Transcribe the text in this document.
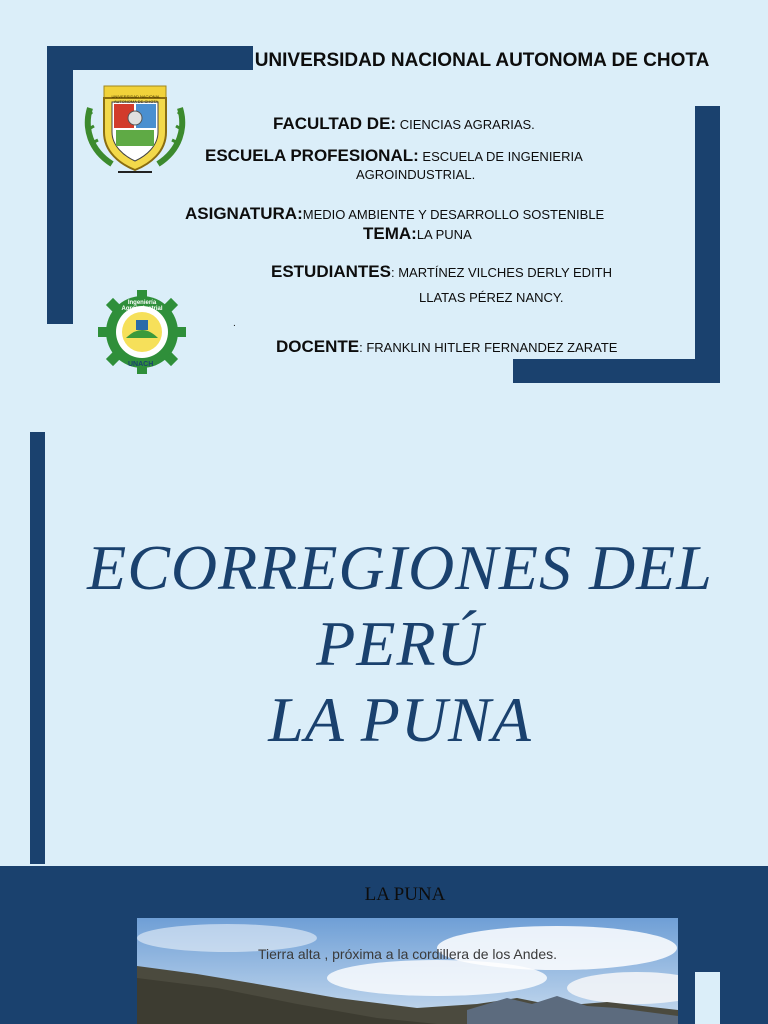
UNIVERSIDAD NACIONAL AUTONOMA DE CHOTA
Ingeniería Agroindustrial
UNACH
UNIVERSIDAD NACIONAL AUTONOMA DE CHOTA
FACULTAD DE: CIENCIAS AGRARIAS.
ESCUELA PROFESIONAL: ESCUELA DE INGENIERIA
AGROINDUSTRIAL.
ASIGNATURA:MEDIO AMBIENTE Y DESARROLLO SOSTENIBLE
TEMA:LA PUNA
ESTUDIANTES: MARTÍNEZ VILCHES DERLY EDITH
LLATAS PÉREZ NANCY.
.
DOCENTE: FRANKLIN HITLER FERNANDEZ ZARATE
ECORREGIONES DEL
PERÚ
LA PUNA
LA PUNA
Tierra alta , próxima a la cordillera de los Andes.
